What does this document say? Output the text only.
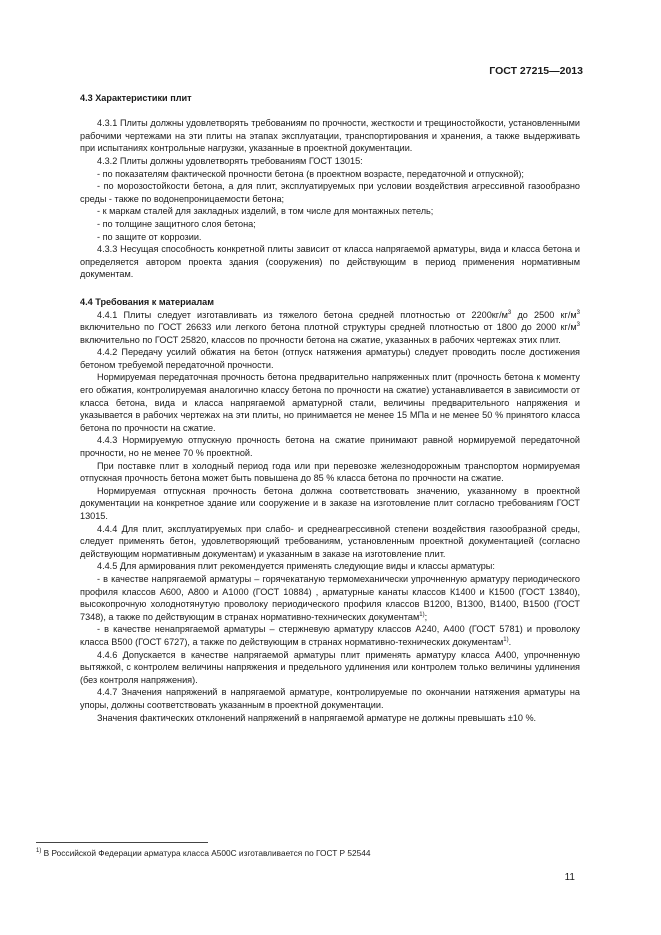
ГОСТ 27215—2013
4.3 Характеристики плит

4.3.1 Плиты должны удовлетворять требованиям по прочности, жесткости и трещиностойкости, установленными рабочими чертежами на эти плиты на этапах эксплуатации, транспортирования и хранения, а также выдерживать при испытаниях контрольные нагрузки, указанные в проектной документации.

4.3.2 Плиты должны удовлетворять требованиям ГОСТ 13015:

- по показателям фактической прочности бетона (в проектном возрасте, передаточной и отпускной);

- по морозостойкости бетона, а для плит, эксплуатируемых при условии воздействия агрессивной газообразно среды - также по водонепроницаемости бетона;

- к маркам сталей для закладных изделий, в том числе для монтажных петель;

- по толщине защитного слоя бетона;

- по защите от коррозии.

4.3.3 Несущая способность конкретной плиты зависит от класса напрягаемой арматуры, вида и класса бетона и определяется автором проекта здания (сооружения) по действующим в период применения нормативным документам.

4.4 Требования к материалам

4.4.1 Плиты следует изготавливать из тяжелого бетона средней плотностью от $2200кг/м^3$ до 2500 $кг/м^3$ включительно по ГОСТ 26633 или легкого бетона плотной структуры средней плотностью от 1800 до 2000 $кг/м^3$ включительно по ГОСТ 25820, классов по прочности бетона на сжатие, указанных в рабочих чертежах этих плит.

4.4.2 Передачу усилий обжатия на бетон (отпуск натяжения арматуры) следует проводить после достижения бетоном требуемой передаточной прочности.

Нормируемая передаточная прочность бетона предварительно напряженных плит (прочность бетона к моменту его обжатия, контролируемая аналогично классу бетона по прочности на сжатие) устанавливается в зависимости от класса бетона, вида и класса напрягаемой арматурной стали, величины предварительного напряжения и указывается в рабочих чертежах на эти плиты, но принимается не менее 15 МПа и не менее 50 % принятого класса бетона по прочности на сжатие.

4.4.3 Нормируемую отпускную прочность бетона на сжатие принимают равной нормируемой передаточной прочности, но не менее 70 % проектной.

При поставке плит в холодный период года или при перевозке железнодорожным транспортом нормируемая отпускная прочность бетона может быть повышена до 85 % класса бетона по прочности на сжатие.

Нормируемая отпускная прочность бетона должна соответствовать значению, указанному в проектной документации на конкретное здание или сооружение и в заказе на изготовление плит согласно требованиям ГОСТ 13015.

4.4.4 Для плит, эксплуатируемых при слабо- и среднеагрессивной степени воздействия газообразной среды, следует применять бетон, удовлетворяющий требованиям, установленным проектной документацией (согласно действующим нормативным документам) и указанным в заказе на изготовление плит.

4.4.5 Для армирования плит рекомендуется применять следующие виды и классы арматуры:

- в качестве напрягаемой арматуры – горячекатаную термомеханически упрочненную арматуру периодического профиля классов А600, А800 и А1000 (ГОСТ 10884) , арматурные канаты классов К1400 и К1500 (ГОСТ 13840), высокопрочную холоднотянутую проволоку периодического профиля классов В1200, В1300, В1400, В1500 (ГОСТ 7348), а также по действующим в странах нормативно-технических документам$^{1)}$;

- в качестве ненапрягаемой арматуры – стержневую арматуру классов А240, А400 (ГОСТ 5781) и проволоку класса В500 (ГОСТ 6727), а также по действующим в странах нормативно-технических документам$^{1)}$.

4.4.6 Допускается в качестве напрягаемой арматуры плит применять арматуру класса А400, упрочненную вытяжкой, с контролем величины напряжения и предельного удлинения или контролем только величины удлинения (без контроля напряжения).

4.4.7 Значения напряжений в напрягаемой арматуре, контролируемые по окончании натяжения арматуры на упоры, должны соответствовать указанным в проектной документации.

Значения фактических отклонений напряжений в напрягаемой арматуре не должны превышать ±10 %.

$^{1)}$ В Российской Федерации арматура класса А500С изготавливается по ГОСТ Р 52544
11
